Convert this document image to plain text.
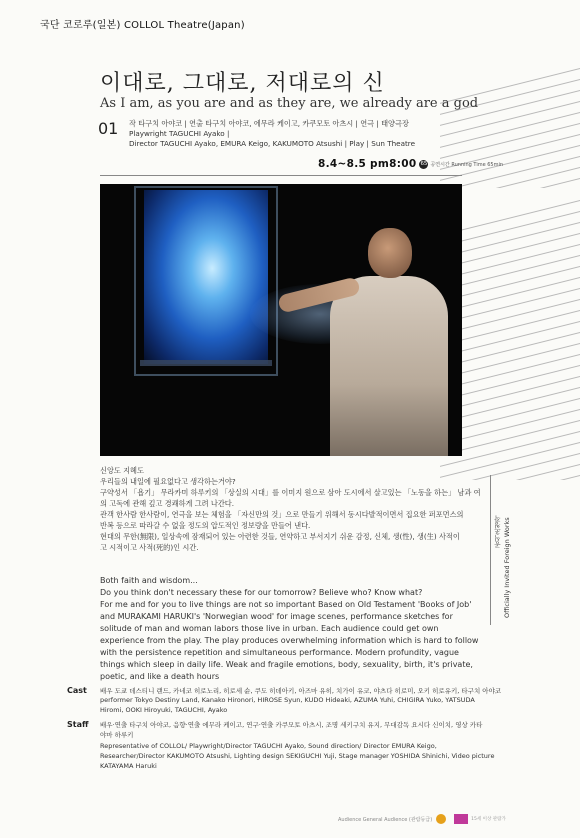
국단 코로루(일본) COLLOL Theatre(Japan)
이대로, 그대로, 저대로의 신
As I am, as you are and as they are, we already are a god
01 작 타구치 아야코 | 연출 타구치 아야코, 에무라 케이고, 카쿠모토 아츠시 | 연극 | 태양극장
Playwright TAGUCHI Ayako |
Director TAGUCHI Ayako, EMURA Keigo, KAKUMOTO Atsushi | Play | Sun Theatre
8.4~8.5 pm8:00 65 공연시간 Running Time 65min
신앙도 지혜도
우리들의 내일에 필요없다고 생각하는거야?
구약성서 「욥기」 무라카미 하루키의 「상실의 시대」를 이미지 원으로 삼아 도시에서 살고있는 「노동을 하는」 남과 여
의 고독에 관해 깊고 경쾌하게 그려 나간다.
관객 한사람 한사람이, 연극을 보는 체험을 「자신만의 것」으로 만들기 위해서 동시다발적이면서 집요한 퍼포먼스의
반복 등으로 따라갈 수 없을 정도의 압도적인 정보량을 만들어 낸다.
현대의 무한(無限), 일상속에 잠재되어 있는 아련한 것들, 연약하고 부서지기 쉬운 감정, 신체, 생(性), 생(生) 사적이
고 시적이고 사적(死的)인 시간.	공식초청작 Officially Invited Foreign Works
Both faith and wisdom...
Do you think don't necessary these for our tomorrow? Believe who? Know what?
For me and for you to live things are not so important Based on Old Testament 'Books of Job'
and MURAKAMI HARUKI's 'Norwegian wood' for image scenes, performance sketches for
solitude of man and woman labors those live in urban. Each audience could get own
experience from the play. The play produces overwhelming information which is hard to follow
with the persistence repetition and simultaneous performance. Modern profundity, vague
things which sleep in daily life. Weak and fragile emotions, body, sexuality, birth, it's private,
poetic, and like a death hours
Cast 배우 도쿄 데스티니 랜드, 카네코 히로노리, 히로세 슌, 쿠도 히데아키, 아즈마 유히, 치가이 유코, 야츠다 히로미, 오키 히로유키, 타구치 아야코
performer Tokyo Destiny Land, Kanako Hironori, HIROSE Syun, KUDO Hideaki, AZUMA Yuhi, CHIGIRA Yuko, YATSUDA
Hiromi, OOKI Hiroyuki, TAGUCHI, Ayako
Staff 배우·연출 타구치 아야코, 음향·연출 에무라 케이고, 연구·연출 카쿠모토 아츠시, 조명 세키구치 유지, 무대감독 요시다 신이치, 영상 카타
야마 하루키
Representative of COLLOL/ Playwright/Director TAGUCHI Ayako, Sound direction/ Director EMURA Keigo,
Researcher/Director KAKUMOTO Atsushi, Lighting design SEKIGUCHI Yuji, Stage manager YOSHIDA Shinichi, Video picture
KATAYAMA Haruki
Audience General Audience (관람등급)	15세 이상 관람가
